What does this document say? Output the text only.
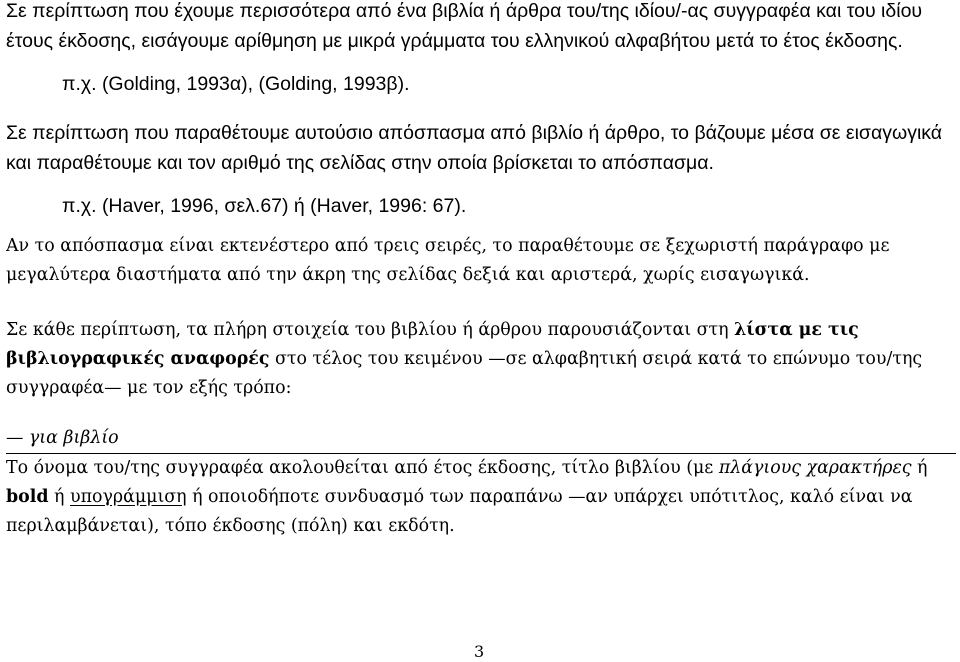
Σε περίπτωση που έχουμε περισσότερα από ένα βιβλία ή άρθρα του/της ιδίου/-ας συγγραφέα και του ιδίου έτους έκδοσης, εισάγουμε αρίθμηση με μικρά γράμματα του ελληνικού αλφαβήτου μετά το έτος έκδοσης.

π.χ. (Golding, 1993α), (Golding, 1993β).

Σε περίπτωση που παραθέτουμε αυτούσιο απόσπασμα από βιβλίο ή άρθρο, το βάζουμε μέσα σε εισαγωγικά και παραθέτουμε και τον αριθμό της σελίδας στην οποία βρίσκεται το απόσπασμα.

π.χ. (Haver, 1996, σελ.67) ή (Haver, 1996: 67).

Αν το απόσπασμα είναι εκτενέστερο από τρεις σειρές, το παραθέτουμε σε ξεχωριστή παράγραφο με μεγαλύτερα διαστήματα από την άκρη της σελίδας δεξιά και αριστερά, χωρίς εισαγωγικά.

Σε κάθε περίπτωση, τα πλήρη στοιχεία του βιβλίου ή άρθρου παρουσιάζονται στη λίστα με τις βιβλιογραφικές αναφορές στο τέλος του κειμένου —σε αλφαβητική σειρά κατά το επώνυμο του/της συγγραφέα— με τον εξής τρόπο:

— για βιβλίο

Το όνομα του/της συγγραφέα ακολουθείται από έτος έκδοσης, τίτλο βιβλίου (με πλάγιους χαρακτήρες ή bold ή υπογράμμιση ή οποιοδήποτε συνδυασμό των παραπάνω —αν υπάρχει υπότιτλος, καλό είναι να περιλαμβάνεται), τόπο έκδοσης (πόλη) και εκδότη.

3
